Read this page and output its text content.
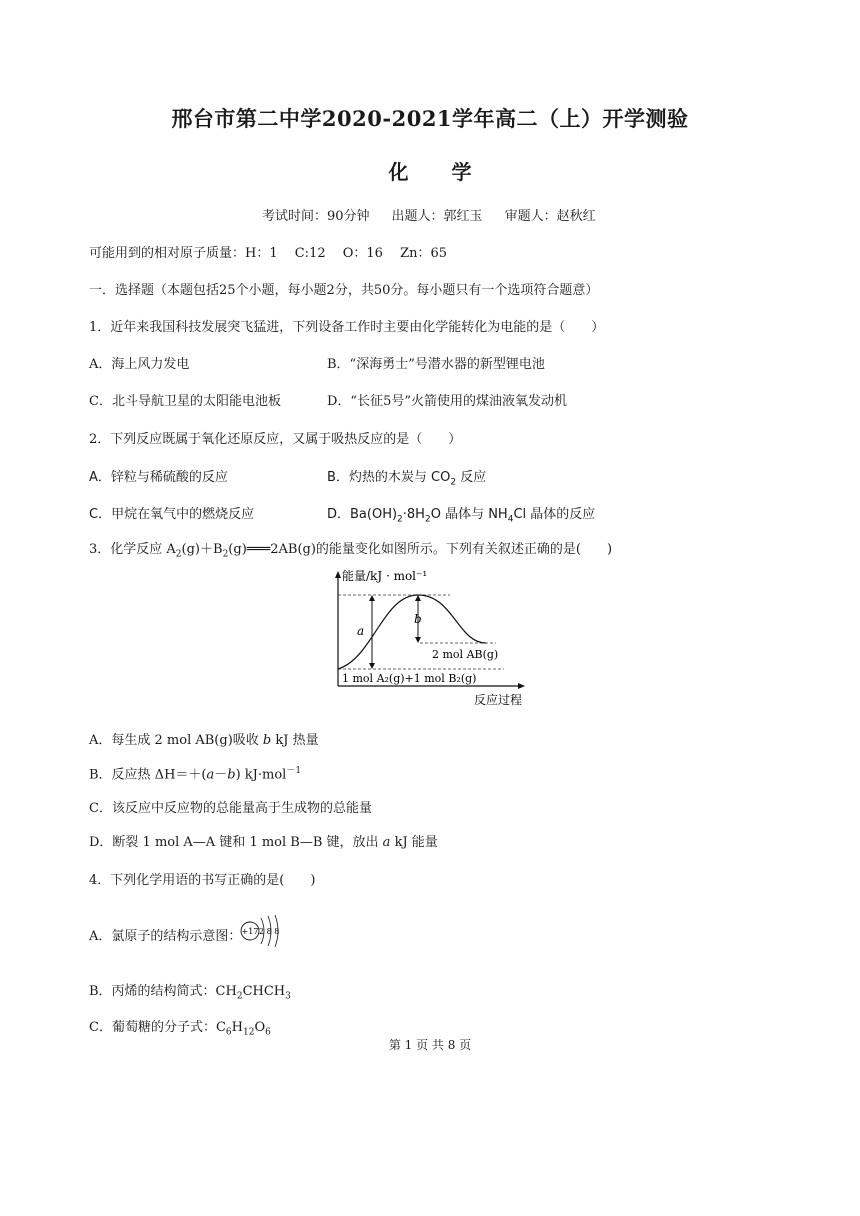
邢台市第二中学2020-2021学年高二（上）开学测验
化 学
考试时间：90分钟 出题人：郭红玉 审题人：赵秋红
可能用到的相对原子质量：H：1　 C:12　 O：16　 Zn：65
一．选择题（本题包括25个小题，每小题2分，共50分。每小题只有一个选项符合题意）
1．近年来我国科技发展突飞猛进，下列设备工作时主要由化学能转化为电能的是（　　）
A．海上风力发电	B．“深海勇士”号潜水器的新型锂电池
C．北斗导航卫星的太阳能电池板	D．“长征5号”火箭使用的煤油液氧发动机
2．下列反应既属于氧化还原反应，又属于吸热反应的是（　　）
A．锌粒与稀硫酸的反应	B．灼热的木炭与 $CO_2$ 反应
C．甲烷在氧气中的燃烧反应	D．$Ba(OH)_2\cdot 8H_2O$ 晶体与 $NH_4Cl$ 晶体的反应
3．化学反应 $A_2(g)+B_2(g)═══2AB(g)$的能量变化如图所示。下列有关叙述正确的是(　　)
能量/kJ · mol⁻¹
a
b
2 mol AB(g)
1 mol A₂(g)+1 mol B₂(g)
反应过程
A．每生成 2 mol AB(g)吸收 b kJ 热量
B．反应热 ΔH＝＋(a－b) kJ·mol$^{-1}$
C．该反应中反应物的总能量高于生成物的总能量
D．断裂 1 mol A—A 键和 1 mol B—B 键，放出 a kJ 能量
4．下列化学用语的书写正确的是(　　)
A．氯原子的结构示意图： +17 2 8 8
B．丙烯的结构简式：$CH_2CHCH_3$
C．葡萄糖的分子式：$C_6H_{12}O_6$
第 1 页 共 8 页
